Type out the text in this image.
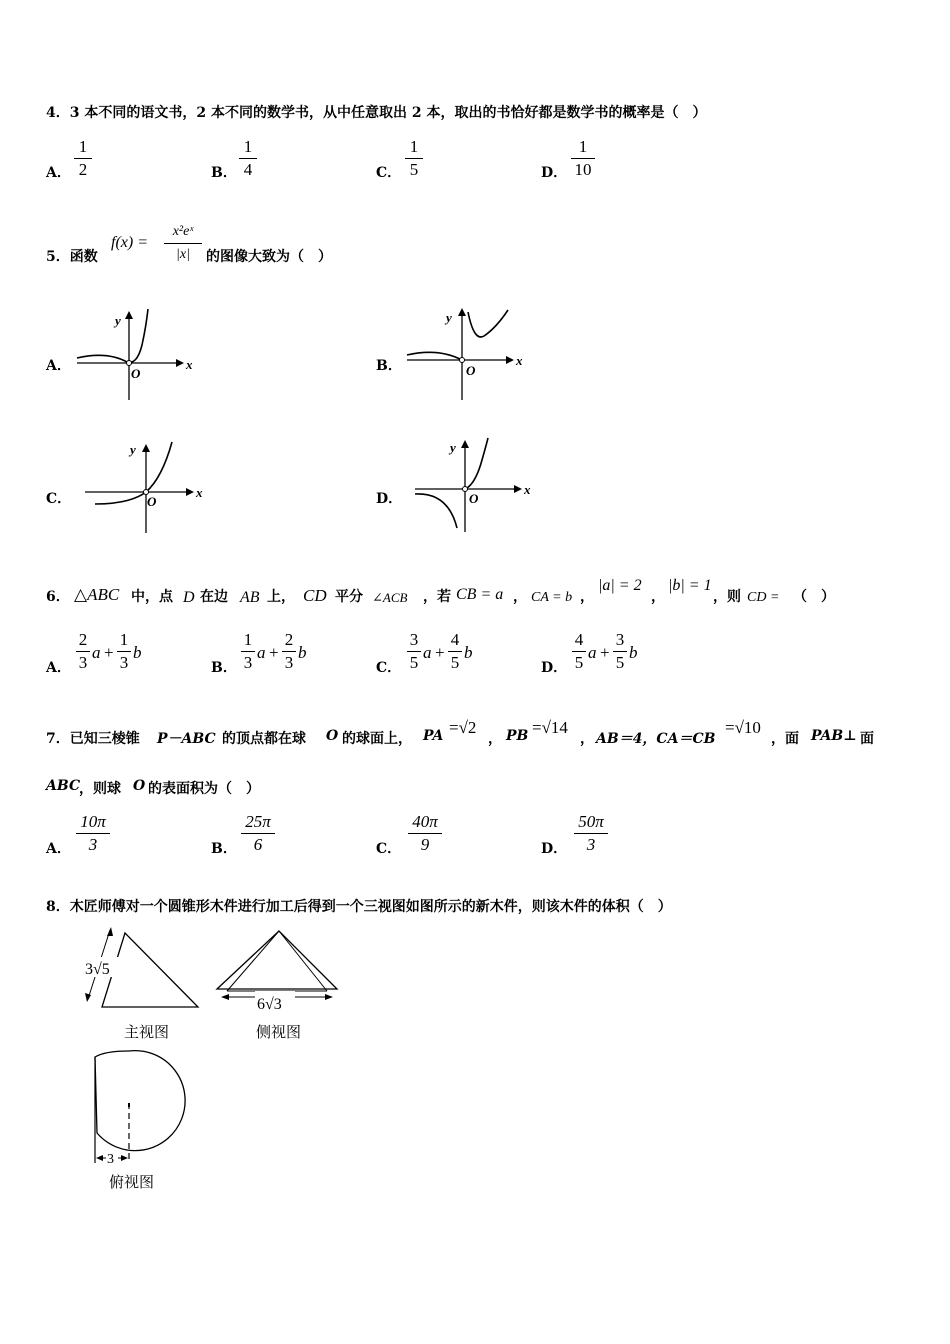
4．3 本不同的语文书，2 本不同的数学书，从中任意取出 2 本，取出的书恰好都是数学书的概率是（　）
A．
1
2	B．
1
4	C．
1
5	D．
1
10
5．函数
f(x) =
x²eˣ
|x|	的图像大致为（　）
A．
y
x
O	B．
y
x
O
C．
y
x
O	D．
y
x
O
6． △ABC 中，点 D 在边 AB 上， CD 平分 ∠ACB ，若 CB = a ， CA = b ，
|a| = 2
，
|b| = 1
，则 CD = （　）
A．
2
3
a +
1
3
b
B．
1
3
a +
2
3
b
C．
3
5
a +
4
5
b
D．
4
5
a +
3
5
b
7．已知三棱锥 P－ABC 的顶点都在球 O 的球面上， PA =√2
， PB =√14
， AB＝4，CA＝CB
=√10
，面 PAB⊥ 面
ABC
，则球 O 的表面积为（　）
A．
10π
3	B．
25π
6	C．
40π
9	D．
50π
3
8．木匠师傅对一个圆锥形木件进行加工后得到一个三视图如图所示的新木件，则该木件的体积（　）
3√5
主视图
6√3
侧视图
3
俯视图
